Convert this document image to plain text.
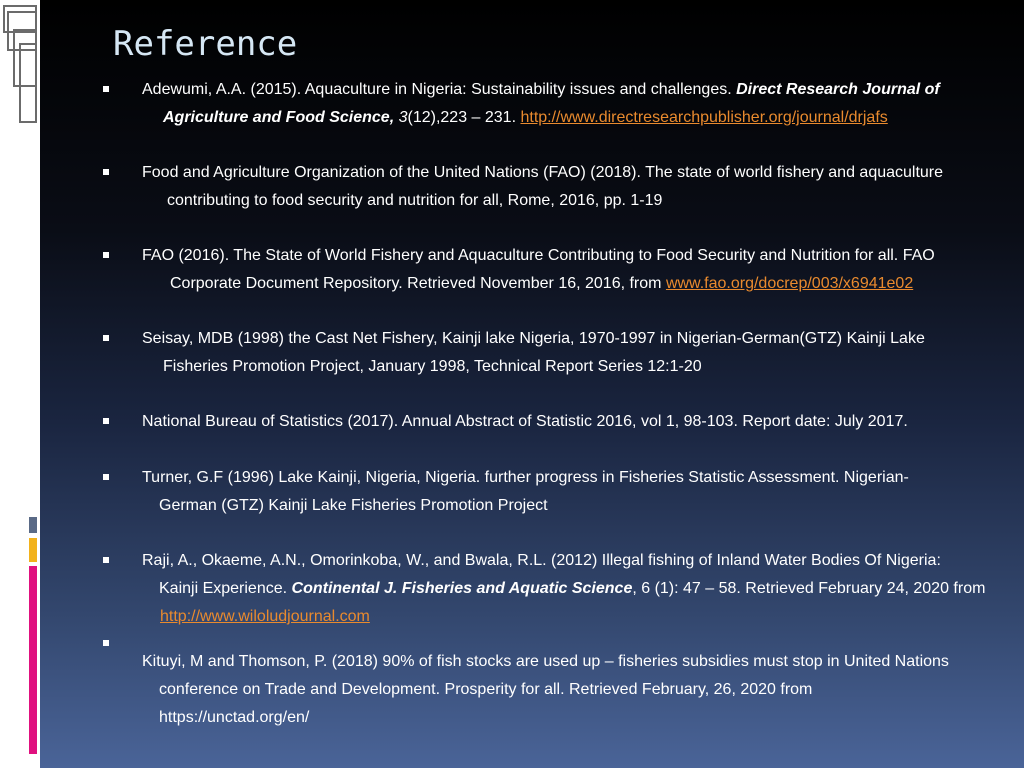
Reference
Adewumi, A.A. (2015). Aquaculture in Nigeria: Sustainability issues and challenges. Direct Research Journal of
Agriculture and Food Science, 3(12),223 – 231. http://www.directresearchpublisher.org/journal/drjafs
Food and Agriculture Organization of the United Nations (FAO) (2018). The state of world fishery and aquaculture
contributing to food security and nutrition for all, Rome, 2016, pp. 1-19
FAO (2016). The State of World Fishery and Aquaculture Contributing to Food Security and Nutrition for all. FAO
Corporate Document Repository. Retrieved November 16, 2016, from www.fao.org/docrep/003/x6941e02
Seisay, MDB (1998) the Cast Net Fishery, Kainji lake Nigeria, 1970-1997 in Nigerian-German(GTZ) Kainji Lake
Fisheries Promotion Project, January 1998, Technical Report Series 12:1-20
National Bureau of Statistics (2017). Annual Abstract of Statistic 2016, vol 1, 98-103. Report date: July 2017.
Turner, G.F (1996) Lake Kainji, Nigeria, Nigeria. further progress in Fisheries Statistic Assessment. Nigerian-
German (GTZ) Kainji Lake Fisheries Promotion Project
Raji, A., Okaeme, A.N., Omorinkoba, W., and Bwala, R.L. (2012) Illegal fishing of Inland Water Bodies Of Nigeria:
Kainji Experience. Continental J. Fisheries and Aquatic Science, 6 (1): 47 – 58. Retrieved February 24, 2020 from
http://www.wiloludjournal.com
Kituyi, M and Thomson, P. (2018) 90% of fish stocks are used up – fisheries subsidies must stop in United Nations
conference on Trade and Development. Prosperity for all. Retrieved February, 26, 2020 from
https://unctad.org/en/
